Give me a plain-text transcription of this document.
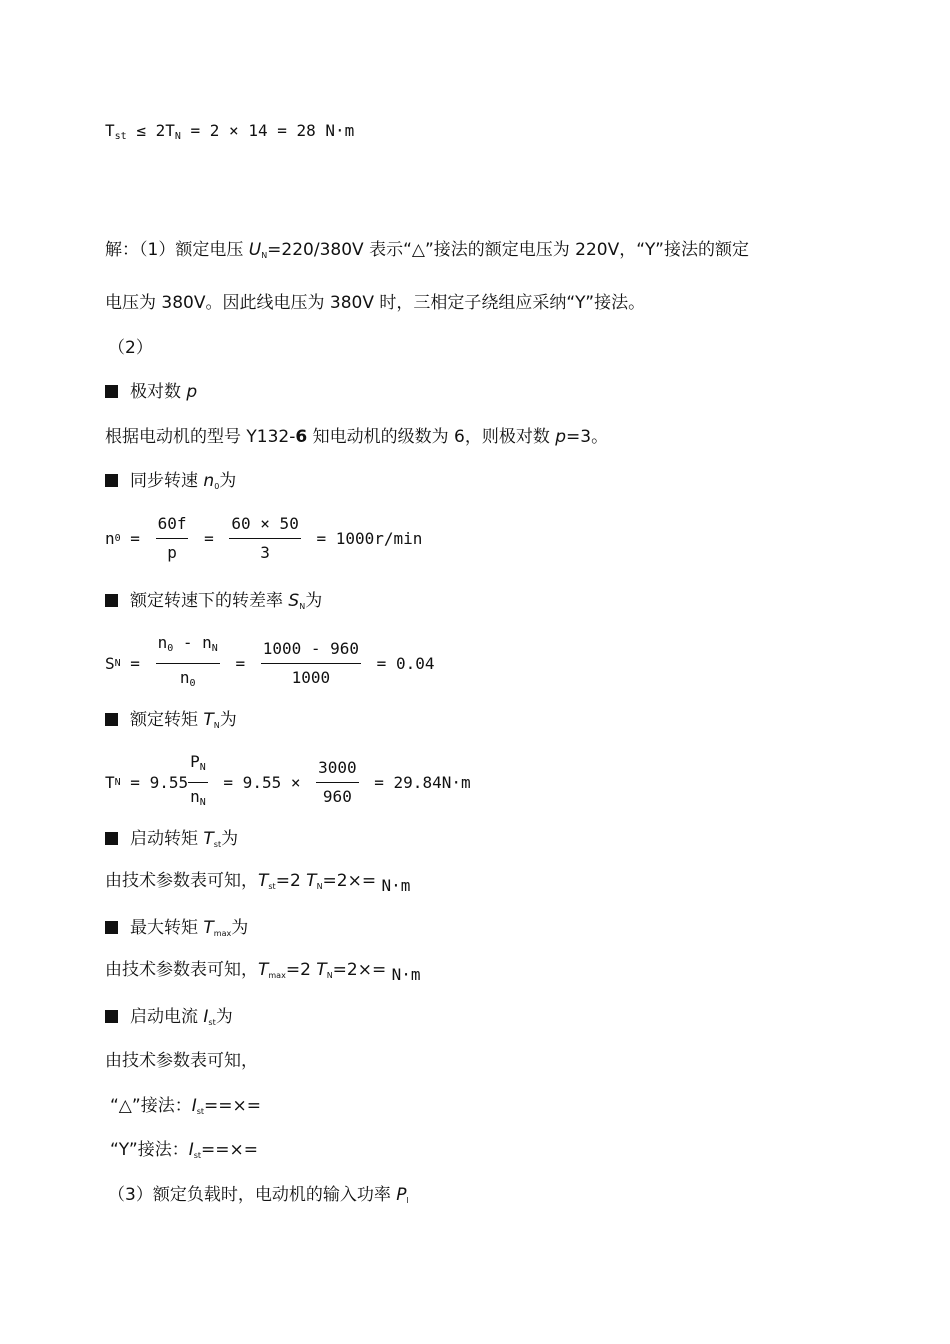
$T_{st} \le 2T_N = 2 \times 14 = 28$ N·m
解：（1）额定电压 UN=220/380V 表示“△”接法的额定电压为 220V，“Y”接法的额定
电压为 380V。因此线电压为 380V 时，三相定子绕组应采纳“Y”接法。
（2）
极对数 p
根据电动机的型号 Y132-6 知电动机的级数为 6，则极对数 p=3。
同步转速 n0为
n $0 = \frac{60f}{p} = \frac{60 \times 50}{3} = 1000r/\min$
额定转速下的转差率 SN为
S $N = \frac{n_0 - n_N}{n_0} = \frac{1000 - 960}{1000} = 0.04$
额定转矩 TN为
T $N = 9.55 \frac{P_N}{n_N} = 9.55 \times \frac{3000}{960} = 29.84N\cdot m$
启动转矩 Tst为
由技术参数表可知，Tst=2 TN=2×= N·m
最大转矩 Tmax为
由技术参数表可知，Tmax=2 TN=2×= N·m
启动电流 Ist为
由技术参数表可知，
“△”接法：Ist==×=
“Y”接法：Ist==×=
（3）额定负载时，电动机的输入功率 Pl
